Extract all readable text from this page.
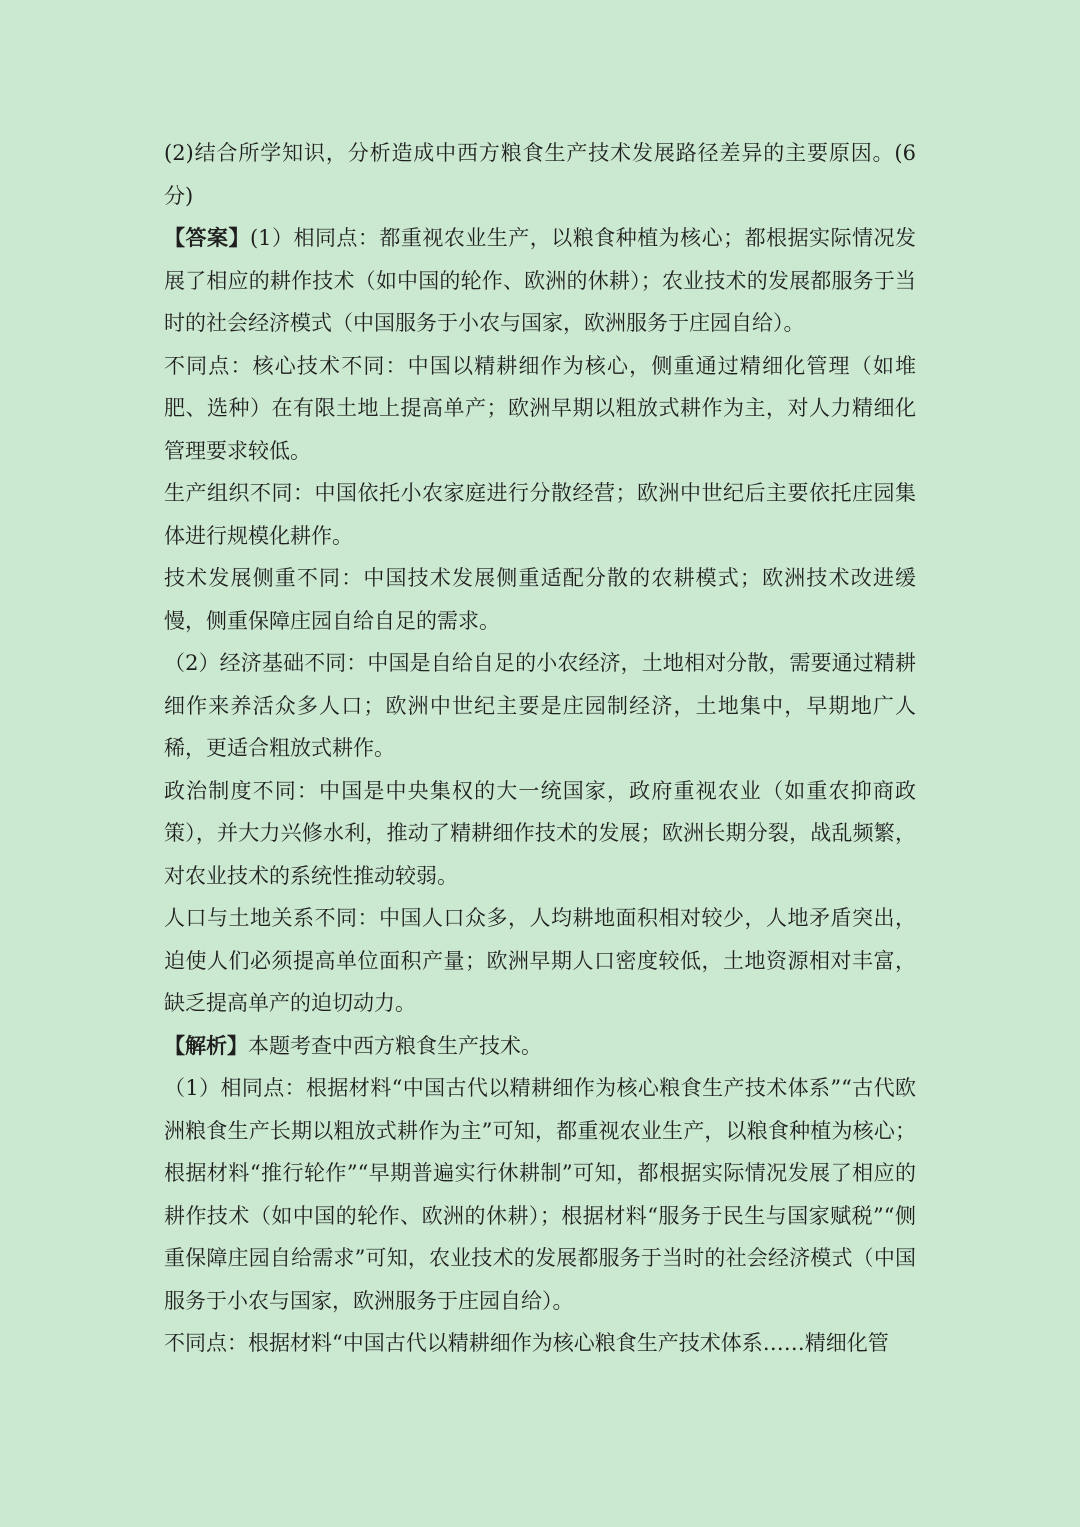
(2)结合所学知识，分析造成中西方粮食生产技术发展路径差异的主要原因。(6分)

【答案】(1）相同点：都重视农业生产，以粮食种植为核心；都根据实际情况发展了相应的耕作技术（如中国的轮作、欧洲的休耕）；农业技术的发展都服务于当时的社会经济模式（中国服务于小农与国家，欧洲服务于庄园自给）。

不同点：核心技术不同：中国以精耕细作为核心，侧重通过精细化管理（如堆肥、选种）在有限土地上提高单产；欧洲早期以粗放式耕作为主，对人力精细化管理要求较低。

生产组织不同：中国依托小农家庭进行分散经营；欧洲中世纪后主要依托庄园集体进行规模化耕作。

技术发展侧重不同：中国技术发展侧重适配分散的农耕模式；欧洲技术改进缓慢，侧重保障庄园自给自足的需求。

（2）经济基础不同：中国是自给自足的小农经济，土地相对分散，需要通过精耕细作来养活众多人口；欧洲中世纪主要是庄园制经济，土地集中，早期地广人稀，更适合粗放式耕作。

政治制度不同：中国是中央集权的大一统国家，政府重视农业（如重农抑商政策），并大力兴修水利，推动了精耕细作技术的发展；欧洲长期分裂，战乱频繁，对农业技术的系统性推动较弱。

人口与土地关系不同：中国人口众多，人均耕地面积相对较少，人地矛盾突出，迫使人们必须提高单位面积产量；欧洲早期人口密度较低，土地资源相对丰富，缺乏提高单产的迫切动力。

【解析】本题考查中西方粮食生产技术。

（1）相同点：根据材料“中国古代以精耕细作为核心粮食生产技术体系”“古代欧洲粮食生产长期以粗放式耕作为主”可知，都重视农业生产，以粮食种植为核心；根据材料“推行轮作”“早期普遍实行休耕制”可知，都根据实际情况发展了相应的耕作技术（如中国的轮作、欧洲的休耕）；根据材料“服务于民生与国家赋税”“侧重保障庄园自给需求”可知，农业技术的发展都服务于当时的社会经济模式（中国服务于小农与国家，欧洲服务于庄园自给）。

不同点：根据材料“中国古代以精耕细作为核心粮食生产技术体系……精细化管
